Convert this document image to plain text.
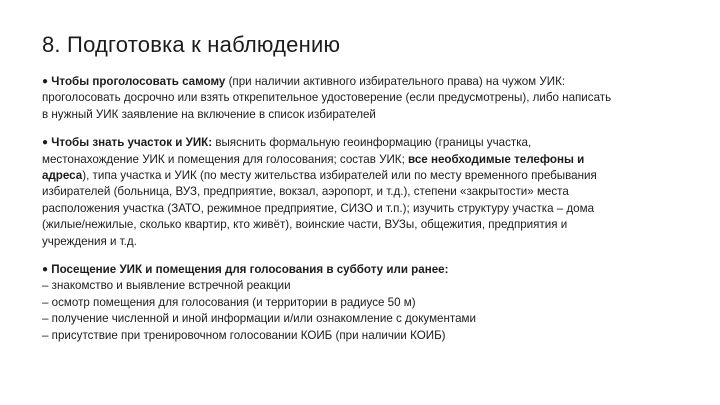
8. Подготовка к наблюдению
● Чтобы проголосовать самому (при наличии активного избирательного права) на чужом УИК:
проголосовать досрочно или взять открепительное удостоверение (если предусмотрены), либо написать
в нужный УИК заявление на включение в список избирателей
● Чтобы знать участок и УИК: выяснить формальную геоинформацию (границы участка,
местонахождение УИК и помещения для голосования; состав УИК; все необходимые телефоны и
адреса), типа участка и УИК (по месту жительства избирателей или по месту временного пребывания
избирателей (больница, ВУЗ, предприятие, вокзал, аэропорт, и т.д.), степени «закрытости» места
расположения участка (ЗАТО, режимное предприятие, СИЗО и т.п.); изучить структуру участка – дома
(жилые/нежилые, сколько квартир, кто живёт), воинские части, ВУЗы, общежития, предприятия и
учреждения и т.д.
● Посещение УИК и помещения для голосования в субботу или ранее:
– знакомство и выявление встречной реакции
– осмотр помещения для голосования (и территории в радиусе 50 м)
– получение численной и иной информации и/или ознакомление с документами
– присутствие при тренировочном голосовании КОИБ (при наличии КОИБ)
